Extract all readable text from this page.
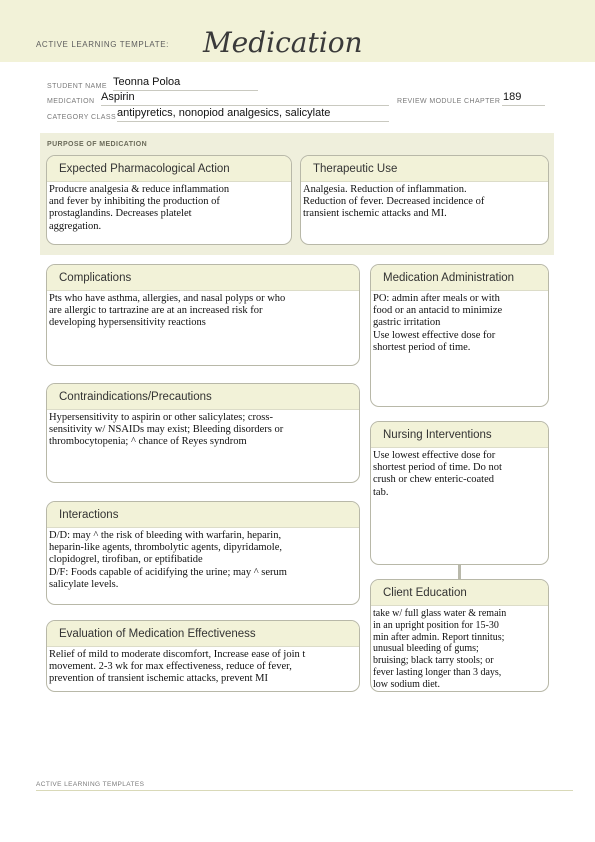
ACTIVE LEARNING TEMPLATE: Medication
STUDENT NAME Teonna Poloa
MEDICATION Aspirin	REVIEW MODULE CHAPTER 189
CATEGORY CLASS antipyretics, nonopiod analgesics, salicylate
PURPOSE OF MEDICATION
Expected Pharmacological Action
Producre analgesia & reduce inflammation
and fever by inhibiting the production of
prostaglandins. Decreases platelet
aggregation.
Therapeutic Use
Analgesia. Reduction of inflammation.
Reduction of fever. Decreased incidence of
transient ischemic attacks and MI.
Complications
Pts who have asthma, allergies, and nasal polyps or who
are allergic to tartrazine are at an increased risk for
developing hypersensitivity reactions
Contraindications/Precautions
Hypersensitivity to aspirin or other salicylates; cross-
sensitivity w/ NSAIDs may exist; Bleeding disorders or
thrombocytopenia; ^ chance of Reyes syndrom
Interactions
D/D: may ^ the risk of bleeding with warfarin, heparin,
heparin-like agents, thrombolytic agents, dipyridamole,
clopidogrel, tirofiban, or eptifibatide
D/F: Foods capable of acidifying the urine; may ^ serum
salicylate levels.
Evaluation of Medication Effectiveness
Relief of mild to moderate discomfort, Increase ease of join t
movement. 2-3 wk for max effectiveness, reduce of fever,
prevention of transient ischemic attacks, prevent MI
Medication Administration
PO: admin after meals or with
food or an antacid to minimize
gastric irritation
Use lowest effective dose for
shortest period of time.
Nursing Interventions
Use lowest effective dose for
shortest period of time. Do not
crush or chew enteric-coated
tab.
Client Education
take w/ full glass water & remain
in an upright position for 15-30
min after admin. Report tinnitus;
unusual bleeding of gums;
bruising; black tarry stools; or
fever lasting longer than 3 days,
low sodium diet.
ACTIVE LEARNING TEMPLATES
